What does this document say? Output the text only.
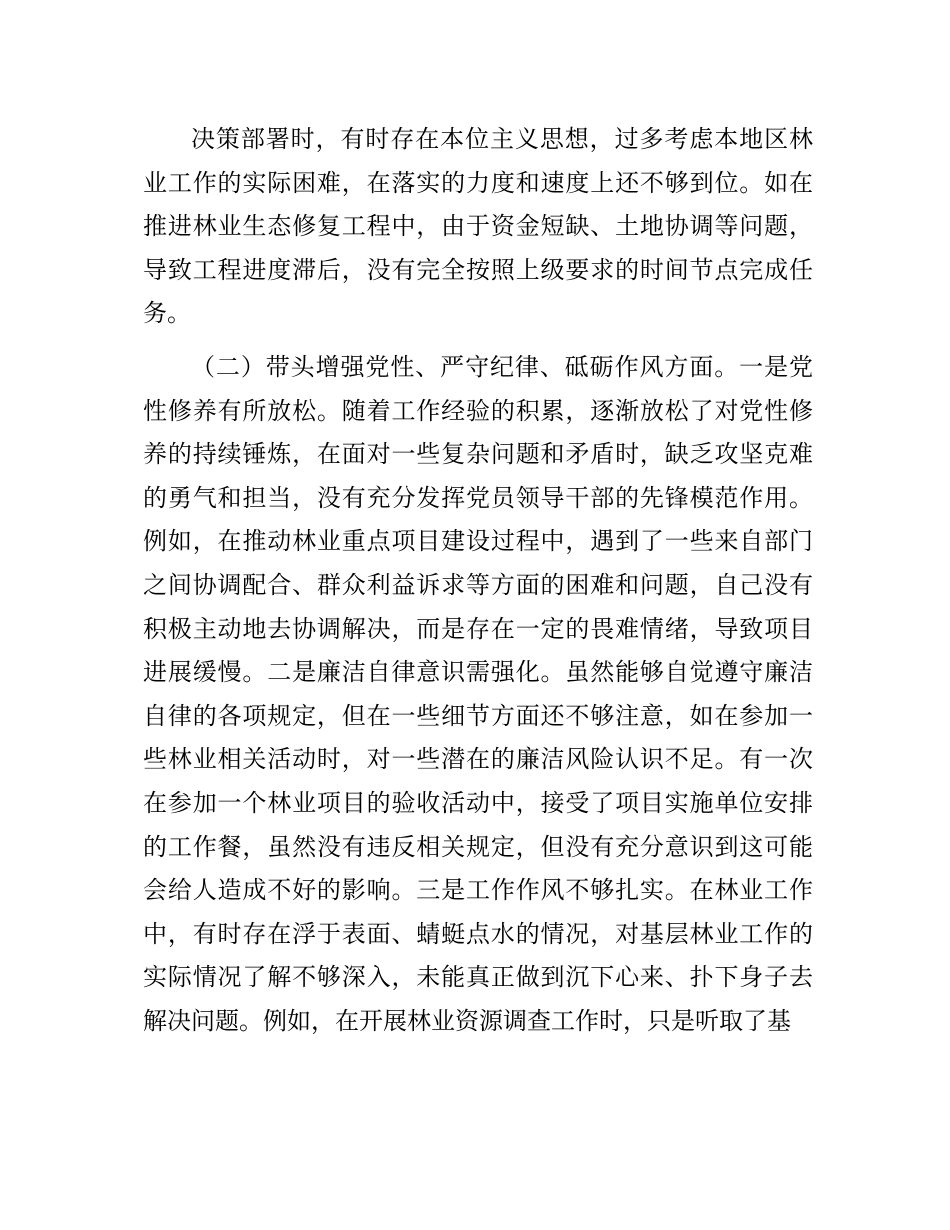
决策部署时，有时存在本位主义思想，过多考虑本地区林业工作的实际困难，在落实的力度和速度上还不够到位。如在推进林业生态修复工程中，由于资金短缺、土地协调等问题，导致工程进度滞后，没有完全按照上级要求的时间节点完成任务。

（二）带头增强党性、严守纪律、砥砺作风方面。一是党性修养有所放松。随着工作经验的积累，逐渐放松了对党性修养的持续锤炼，在面对一些复杂问题和矛盾时，缺乏攻坚克难的勇气和担当，没有充分发挥党员领导干部的先锋模范作用。例如，在推动林业重点项目建设过程中，遇到了一些来自部门之间协调配合、群众利益诉求等方面的困难和问题，自己没有积极主动地去协调解决，而是存在一定的畏难情绪，导致项目进展缓慢。二是廉洁自律意识需强化。虽然能够自觉遵守廉洁自律的各项规定，但在一些细节方面还不够注意，如在参加一些林业相关活动时，对一些潜在的廉洁风险认识不足。有一次在参加一个林业项目的验收活动中，接受了项目实施单位安排的工作餐，虽然没有违反相关规定，但没有充分意识到这可能会给人造成不好的影响。三是工作作风不够扎实。在林业工作中，有时存在浮于表面、蜻蜓点水的情况，对基层林业工作的实际情况了解不够深入，未能真正做到沉下心来、扑下身子去解决问题。例如，在开展林业资源调查工作时，只是听取了基
